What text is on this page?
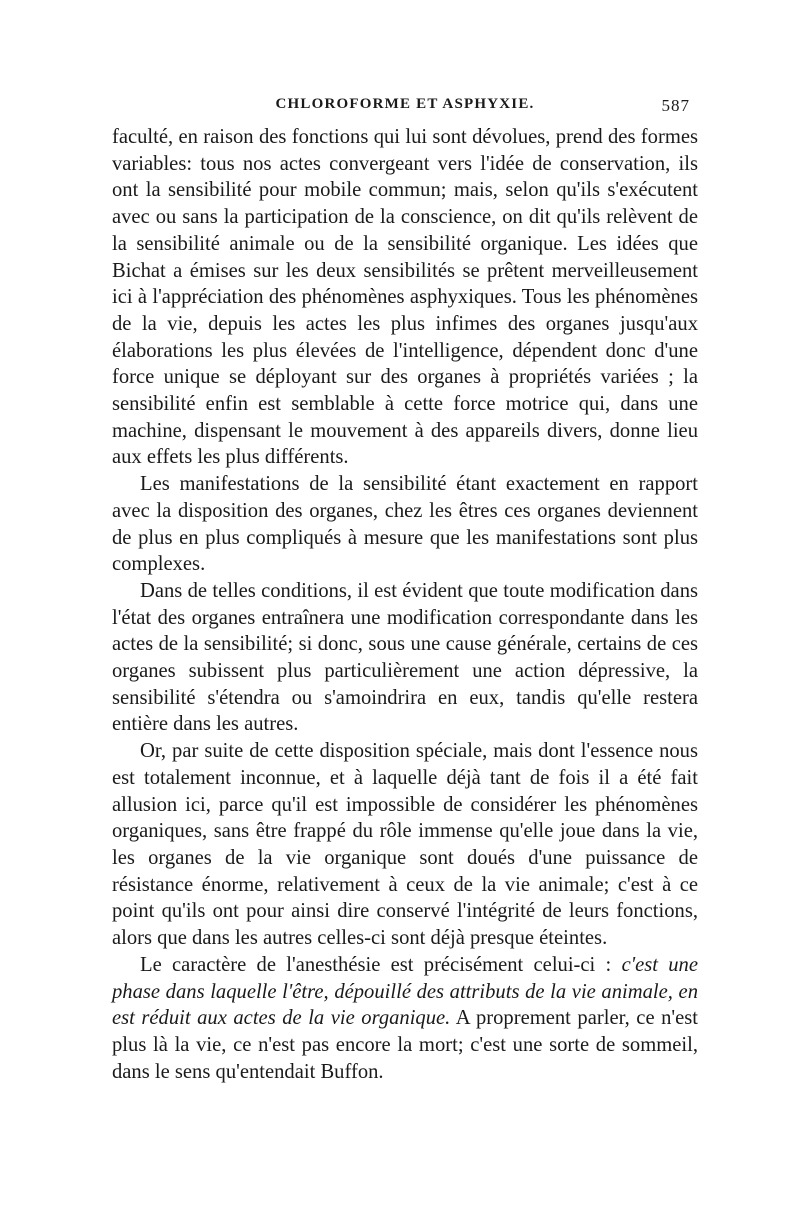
CHLOROFORME ET ASPHYXIE.	587

faculté, en raison des fonctions qui lui sont dévolues, prend des formes variables: tous nos actes convergeant vers l'idée de conservation, ils ont la sensibilité pour mobile commun; mais, selon qu'ils s'exécutent avec ou sans la participation de la conscience, on dit qu'ils relèvent de la sensibilité animale ou de la sensibilité organique. Les idées que Bichat a émises sur les deux sensibilités se prêtent merveilleusement ici à l'appréciation des phénomènes asphyxiques. Tous les phénomènes de la vie, depuis les actes les plus infimes des organes jusqu'aux élaborations les plus élevées de l'intelligence, dépendent donc d'une force unique se déployant sur des organes à propriétés variées ; la sensibilité enfin est semblable à cette force motrice qui, dans une machine, dispensant le mouvement à des appareils divers, donne lieu aux effets les plus différents.

Les manifestations de la sensibilité étant exactement en rapport avec la disposition des organes, chez les êtres ces organes deviennent de plus en plus compliqués à mesure que les manifestations sont plus complexes.

Dans de telles conditions, il est évident que toute modification dans l'état des organes entraînera une modification correspondante dans les actes de la sensibilité; si donc, sous une cause générale, certains de ces organes subissent plus particulièrement une action dépressive, la sensibilité s'étendra ou s'amoindrira en eux, tandis qu'elle restera entière dans les autres.

Or, par suite de cette disposition spéciale, mais dont l'essence nous est totalement inconnue, et à laquelle déjà tant de fois il a été fait allusion ici, parce qu'il est impossible de considérer les phénomènes organiques, sans être frappé du rôle immense qu'elle joue dans la vie, les organes de la vie organique sont doués d'une puissance de résistance énorme, relativement à ceux de la vie animale; c'est à ce point qu'ils ont pour ainsi dire conservé l'intégrité de leurs fonctions, alors que dans les autres celles-ci sont déjà presque éteintes.

Le caractère de l'anesthésie est précisément celui-ci : c'est une phase dans laquelle l'être, dépouillé des attributs de la vie animale, en est réduit aux actes de la vie organique. A proprement parler, ce n'est plus là la vie, ce n'est pas encore la mort; c'est une sorte de sommeil, dans le sens qu'entendait Buffon.
